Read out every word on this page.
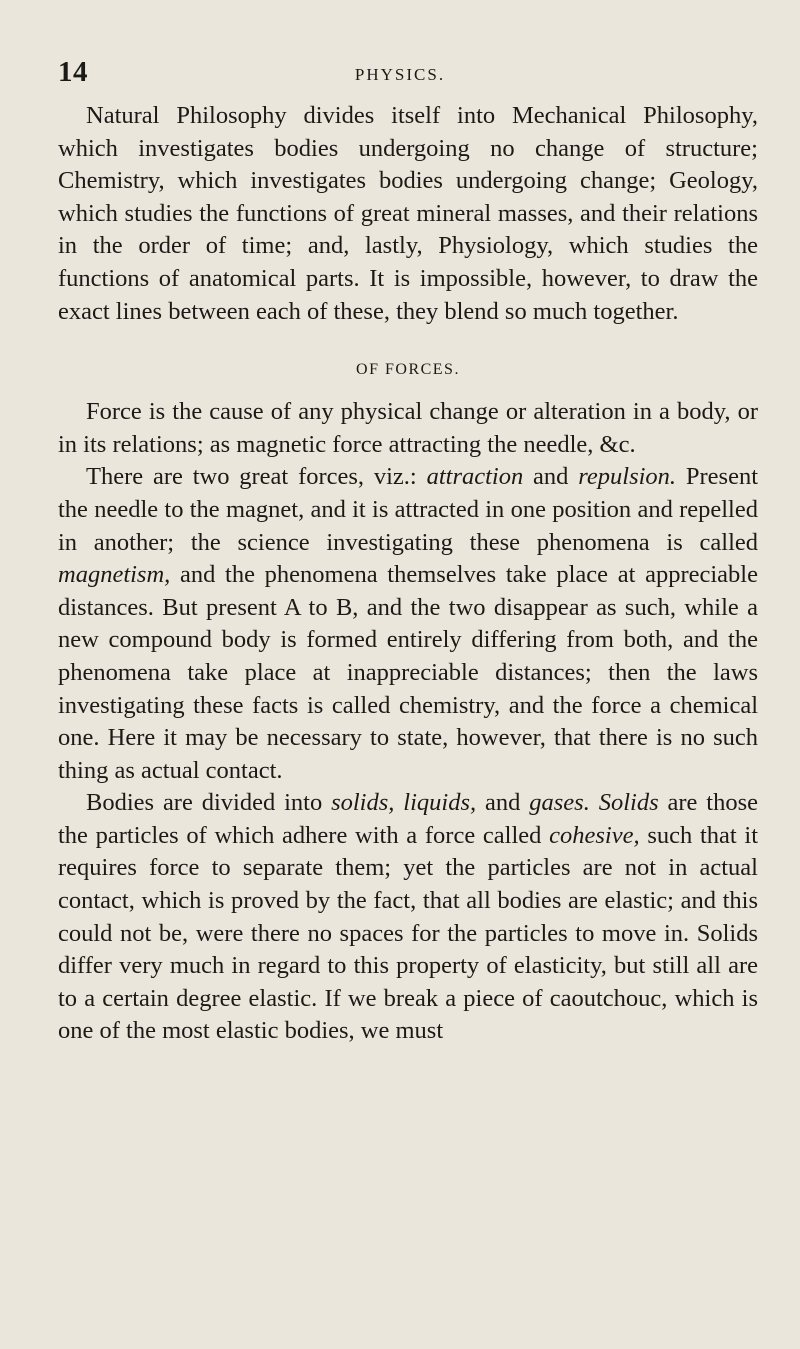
14	PHYSICS.

Natural Philosophy divides itself into Mechanical Philosophy, which investigates bodies undergoing no change of structure; Chemistry, which investigates bodies undergoing change; Geology, which studies the functions of great mineral masses, and their relations in the order of time; and, lastly, Physiology, which studies the functions of anatomical parts. It is impossible, however, to draw the exact lines between each of these, they blend so much together.

OF FORCES.

Force is the cause of any physical change or alteration in a body, or in its relations; as magnetic force attracting the needle, &c.

There are two great forces, viz.: attraction and repulsion. Present the needle to the magnet, and it is attracted in one position and repelled in another; the science investigating these phenomena is called magnetism, and the phenomena themselves take place at appreciable distances. But present A to B, and the two disappear as such, while a new compound body is formed entirely differing from both, and the phenomena take place at inappreciable distances; then the laws investigating these facts is called chemistry, and the force a chemical one. Here it may be necessary to state, however, that there is no such thing as actual contact.

Bodies are divided into solids, liquids, and gases. Solids are those the particles of which adhere with a force called cohesive, such that it requires force to separate them; yet the particles are not in actual contact, which is proved by the fact, that all bodies are elastic; and this could not be, were there no spaces for the particles to move in. Solids differ very much in regard to this property of elasticity, but still all are to a certain degree elastic. If we break a piece of caoutchouc, which is one of the most elastic bodies, we must
